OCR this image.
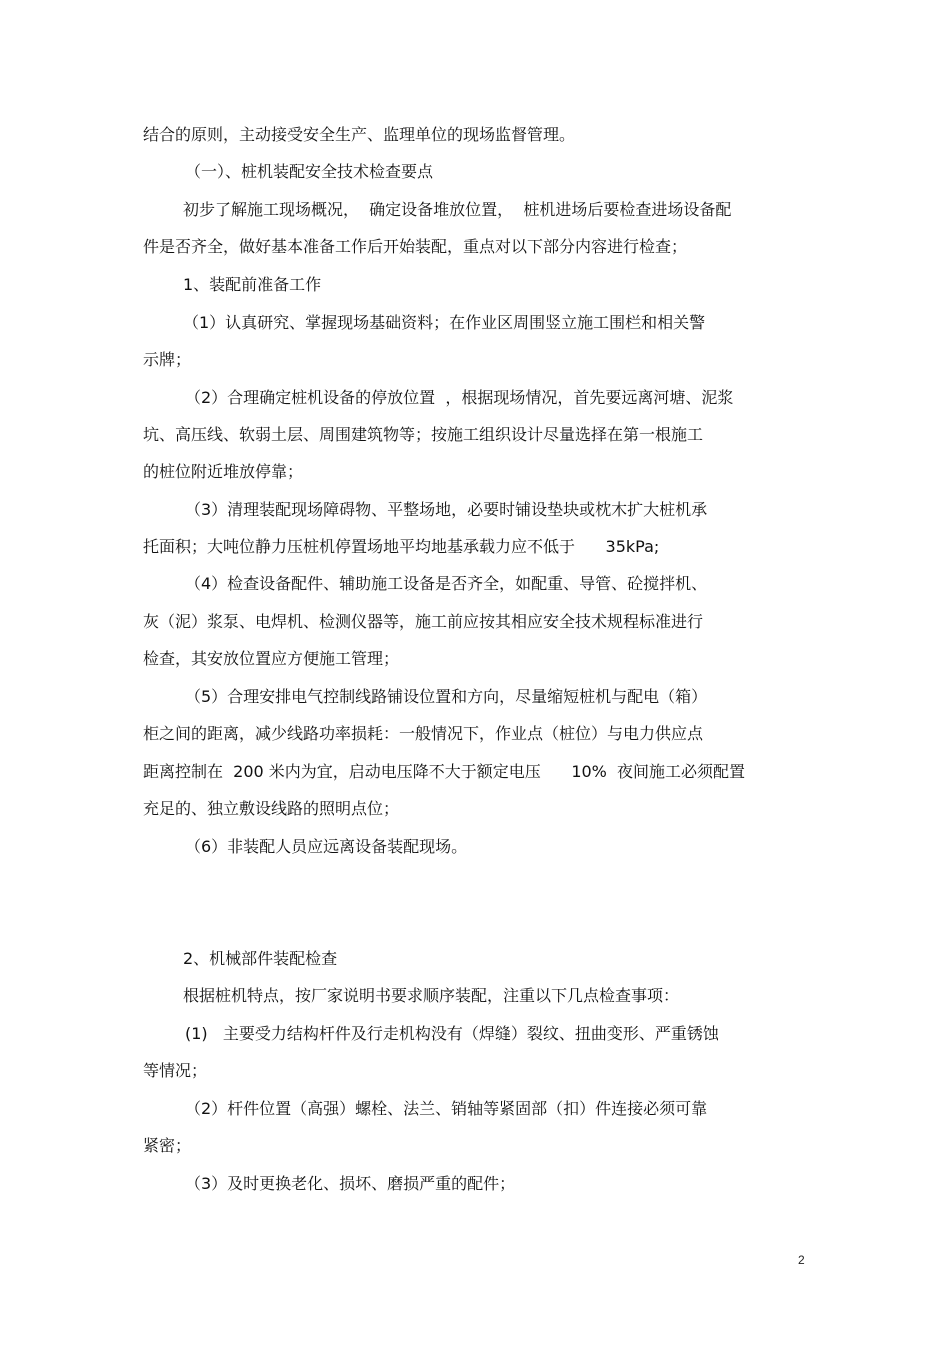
结合的原则，主动接受安全生产、监理单位的现场监督管理。

（一）、桩机装配安全技术检查要点

初步了解施工现场概况，  确定设备堆放位置，  桩机进场后要检查进场设备配

件是否齐全，做好基本准备工作后开始装配，重点对以下部分内容进行检查；

1、装配前准备工作

（1）认真研究、掌握现场基础资料；在作业区周围竖立施工围栏和相关警

示牌；

（2）合理确定桩机设备的停放位置  ，根据现场情况，首先要远离河塘、泥浆

坑、高压线、软弱土层、周围建筑物等；按施工组织设计尽量选择在第一根施工

的桩位附近堆放停靠；

（3）清理装配现场障碍物、平整场地，必要时铺设垫块或枕木扩大桩机承

托面积；大吨位静力压桩机停置场地平均地基承载力应不低于      35kPa;

（4）检查设备配件、辅助施工设备是否齐全，如配重、导管、砼搅拌机、

灰（泥）浆泵、电焊机、检测仪器等，施工前应按其相应安全技术规程标准进行

检查，其安放位置应方便施工管理；

（5）合理安排电气控制线路铺设位置和方向，尽量缩短桩机与配电（箱）

柜之间的距离，减少线路功率损耗：一般情况下，作业点（桩位）与电力供应点

距离控制在  200 米内为宜，启动电压降不大于额定电压      10%  夜间施工必须配置

充足的、独立敷设线路的照明点位；

（6）非装配人员应远离设备装配现场。

2、机械部件装配检查

根据桩机特点，按厂家说明书要求顺序装配，注重以下几点检查事项：

(1)   主要受力结构杆件及行走机构没有（焊缝）裂纹、扭曲变形、严重锈蚀

等情况；

（2）杆件位置（高强）螺栓、法兰、销轴等紧固部（扣）件连接必须可靠

紧密；

（3）及时更换老化、损坏、磨损严重的配件；

2
